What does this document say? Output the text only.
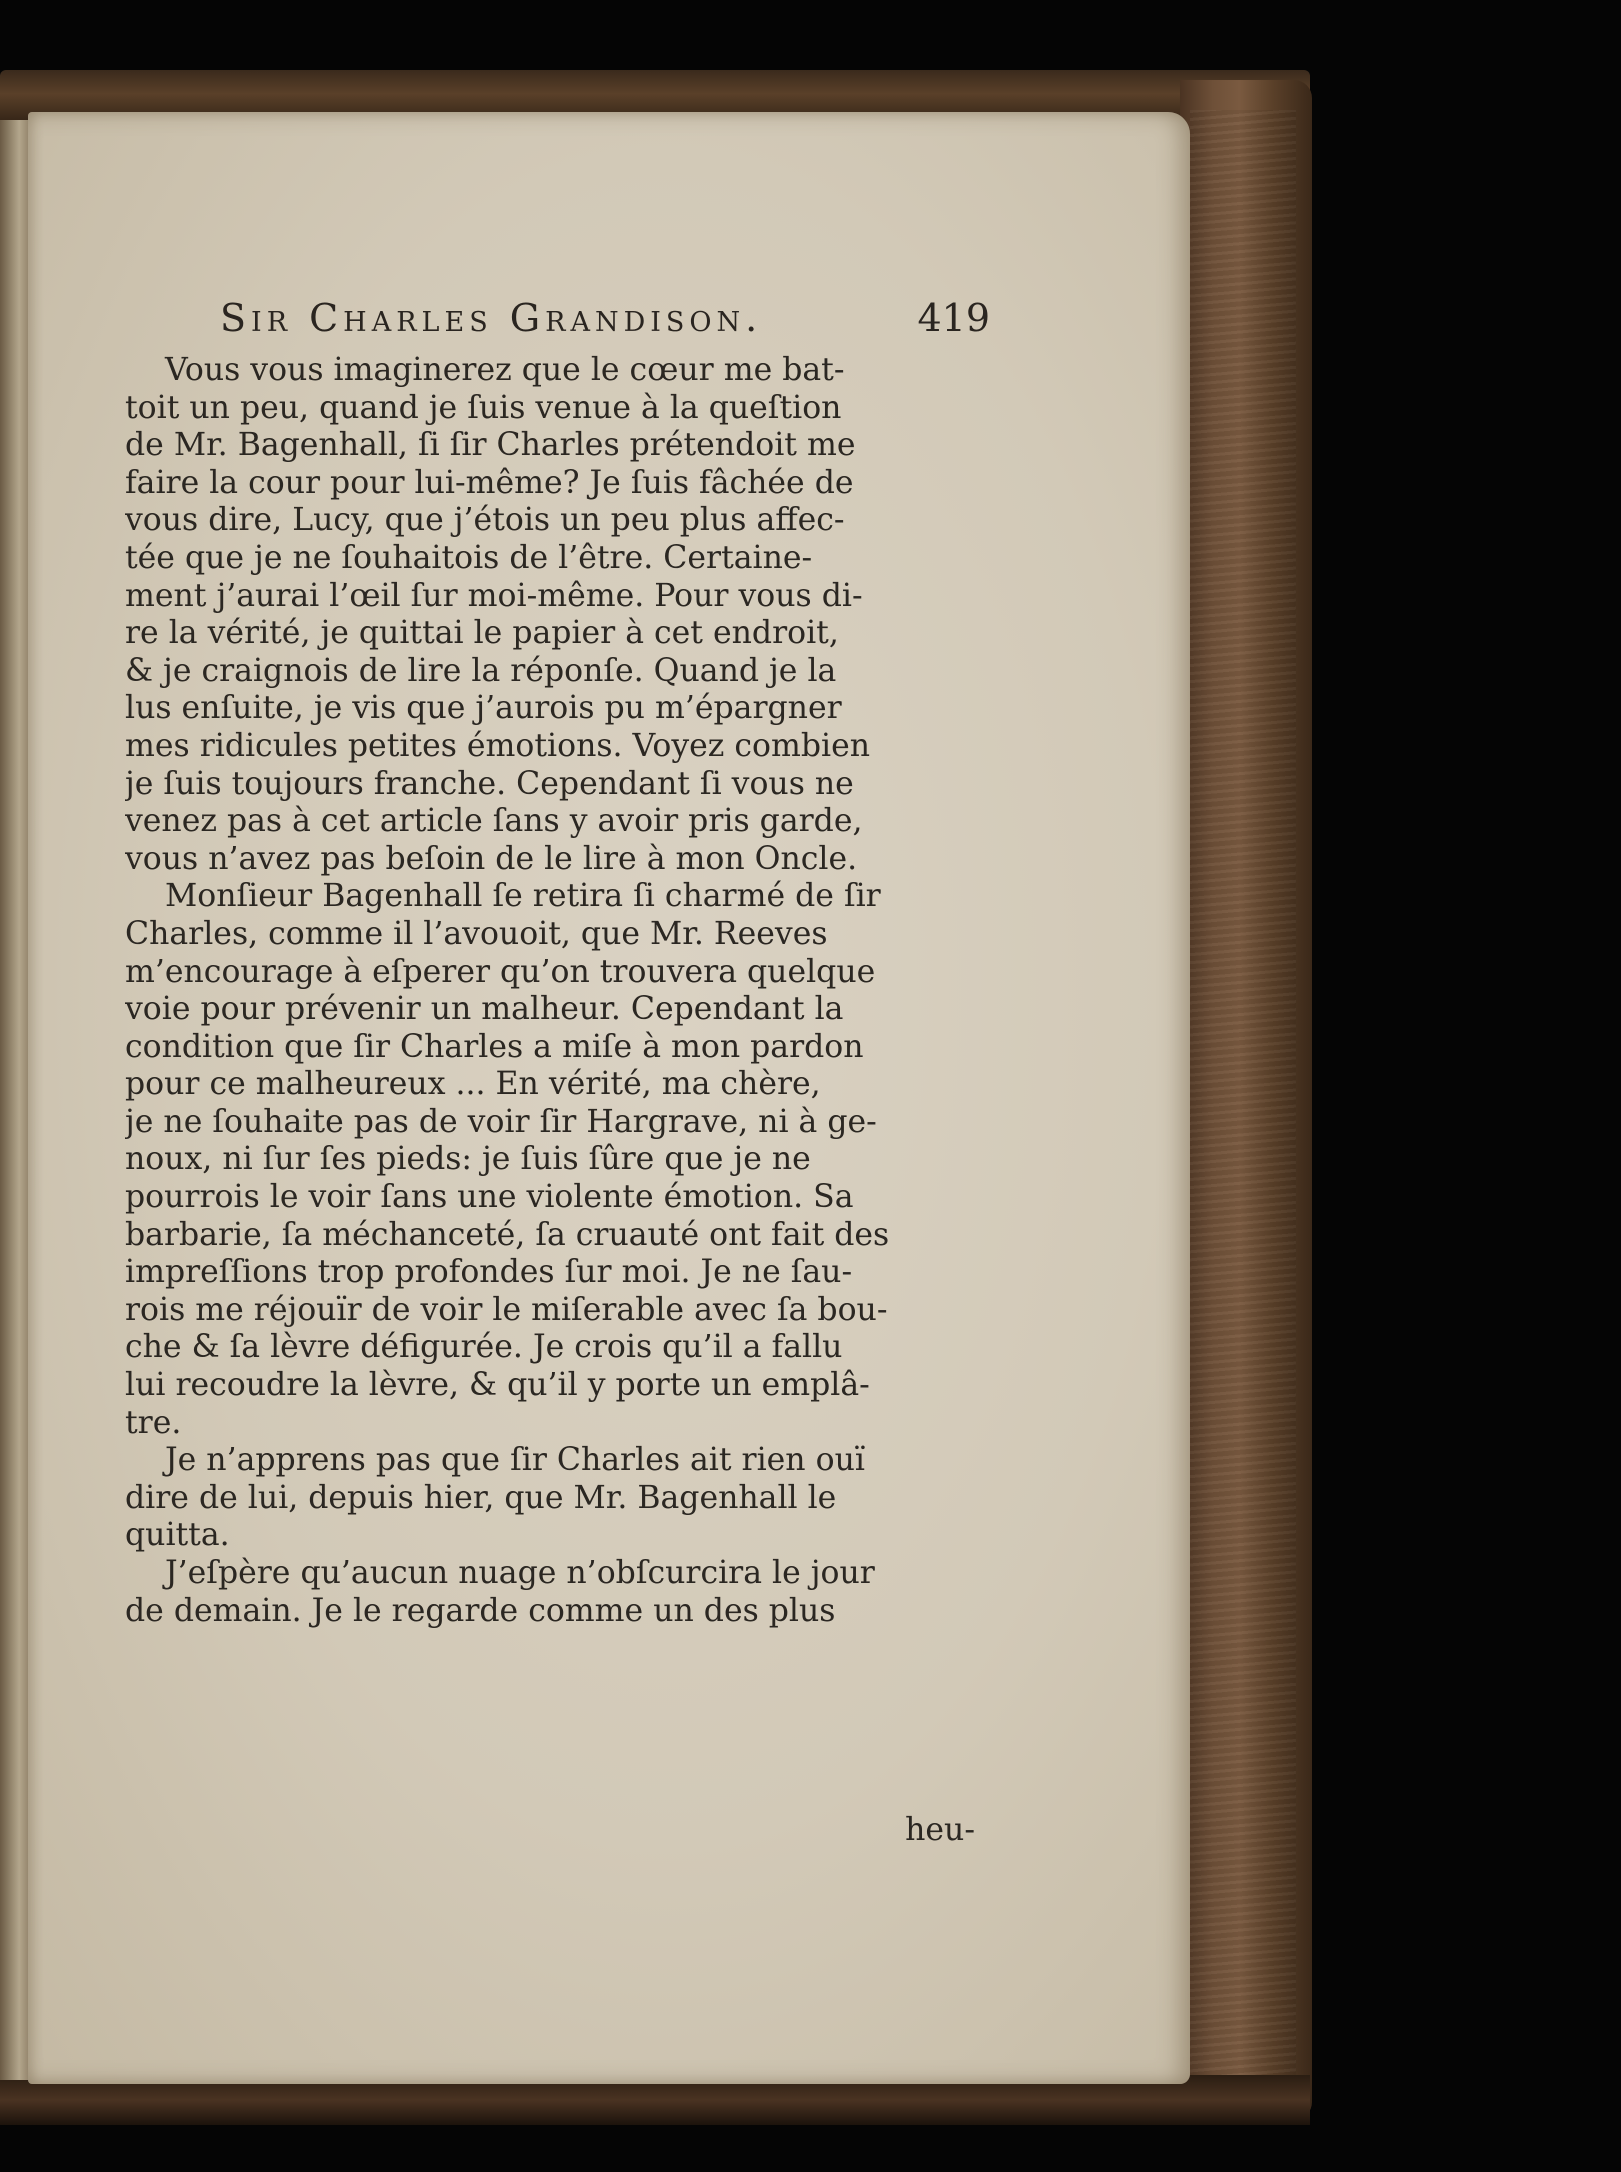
Sir Charles Grandison.	419
Vous vous imaginerez que le cœur me bat-
toit un peu, quand je ſuis venue à la queſtion
de Mr. Bagenhall, ſi ſir Charles prétendoit me
faire la cour pour lui-même? Je ſuis fâchée de
vous dire, Lucy, que j’étois un peu plus affec-
tée que je ne ſouhaitois de l’être. Certaine-
ment j’aurai l’œil ſur moi-même. Pour vous di-
re la vérité, je quittai le papier à cet endroit,
& je craignois de lire la réponſe. Quand je la
lus enſuite, je vis que j’aurois pu m’épargner
mes ridicules petites émotions. Voyez combien
je ſuis toujours franche. Cependant ſi vous ne
venez pas à cet article ſans y avoir pris garde,
vous n’avez pas beſoin de le lire à mon Oncle.
Monſieur Bagenhall ſe retira ſi charmé de ſir
Charles, comme il l’avouoit, que Mr. Reeves
m’encourage à eſperer qu’on trouvera quelque
voie pour prévenir un malheur. Cependant la
condition que ſir Charles a miſe à mon pardon
pour ce malheureux ... En vérité, ma chère,
je ne ſouhaite pas de voir ſir Hargrave, ni à ge-
noux, ni ſur ſes pieds: je ſuis ſûre que je ne
pourrois le voir ſans une violente émotion. Sa
barbarie, ſa méchanceté, ſa cruauté ont fait des
impreſſions trop profondes ſur moi. Je ne ſau-
rois me réjouïr de voir le miſerable avec ſa bou-
che & ſa lèvre défigurée. Je crois qu’il a fallu
lui recoudre la lèvre, & qu’il y porte un emplâ-
tre.
Je n’apprens pas que ſir Charles ait rien ouï
dire de lui, depuis hier, que Mr. Bagenhall le
quitta.
J’eſpère qu’aucun nuage n’obſcurcira le jour
de demain. Je le regarde comme un des plus
heu-
